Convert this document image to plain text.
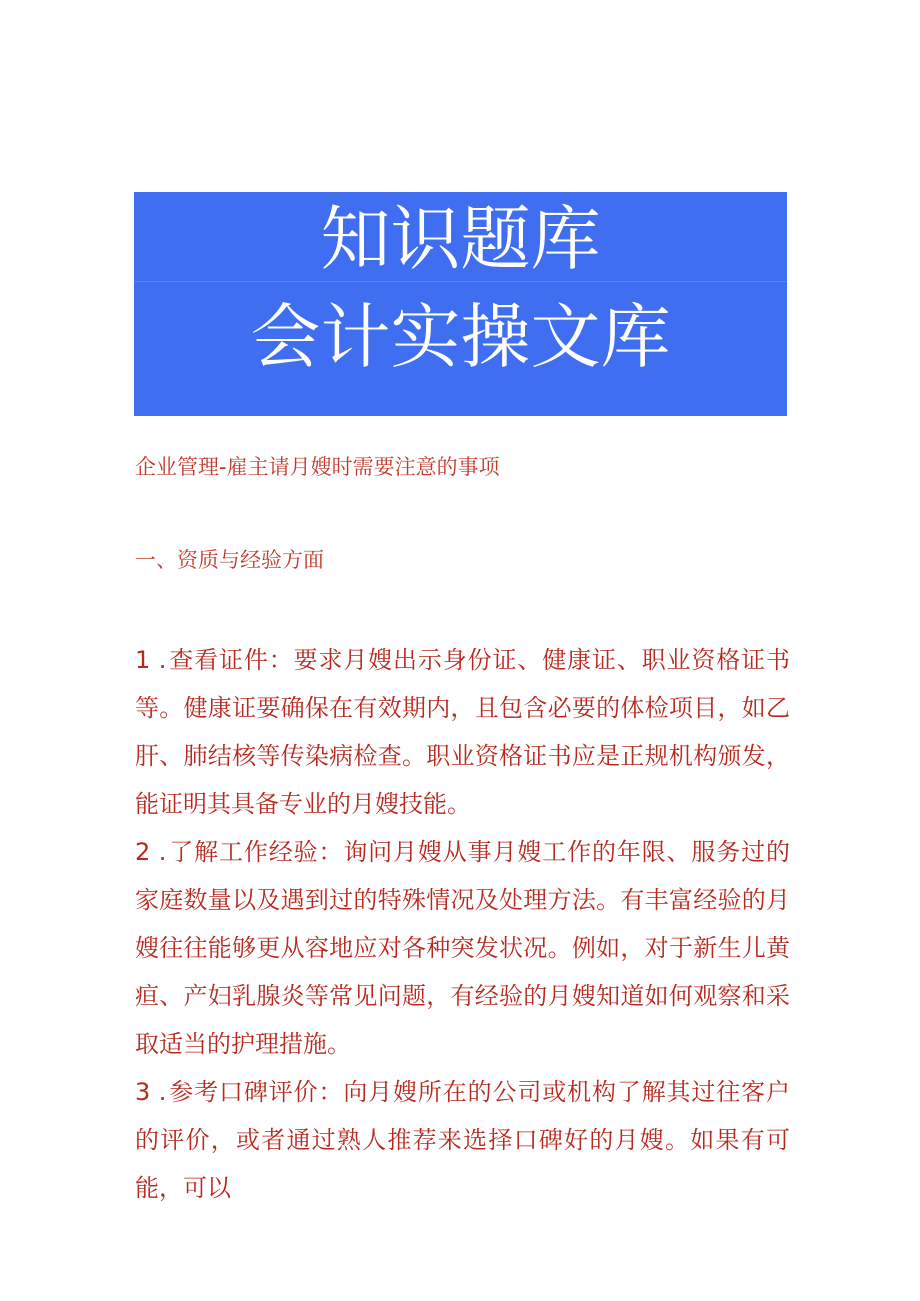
知识题库
会计实操文库
企业管理-雇主请月嫂时需要注意的事项
一、资质与经验方面
1 .查看证件：要求月嫂出示身份证、健康证、职业资格证书等。健康证要确保在有效期内，且包含必要的体检项目，如乙肝、肺结核等传染病检查。职业资格证书应是正规机构颁发，能证明其具备专业的月嫂技能。
2 .了解工作经验：询问月嫂从事月嫂工作的年限、服务过的家庭数量以及遇到过的特殊情况及处理方法。有丰富经验的月嫂往往能够更从容地应对各种突发状况。例如，对于新生儿黄疸、产妇乳腺炎等常见问题，有经验的月嫂知道如何观察和采取适当的护理措施。
3 .参考口碑评价：向月嫂所在的公司或机构了解其过往客户的评价，或者通过熟人推荐来选择口碑好的月嫂。如果有可能，可以
